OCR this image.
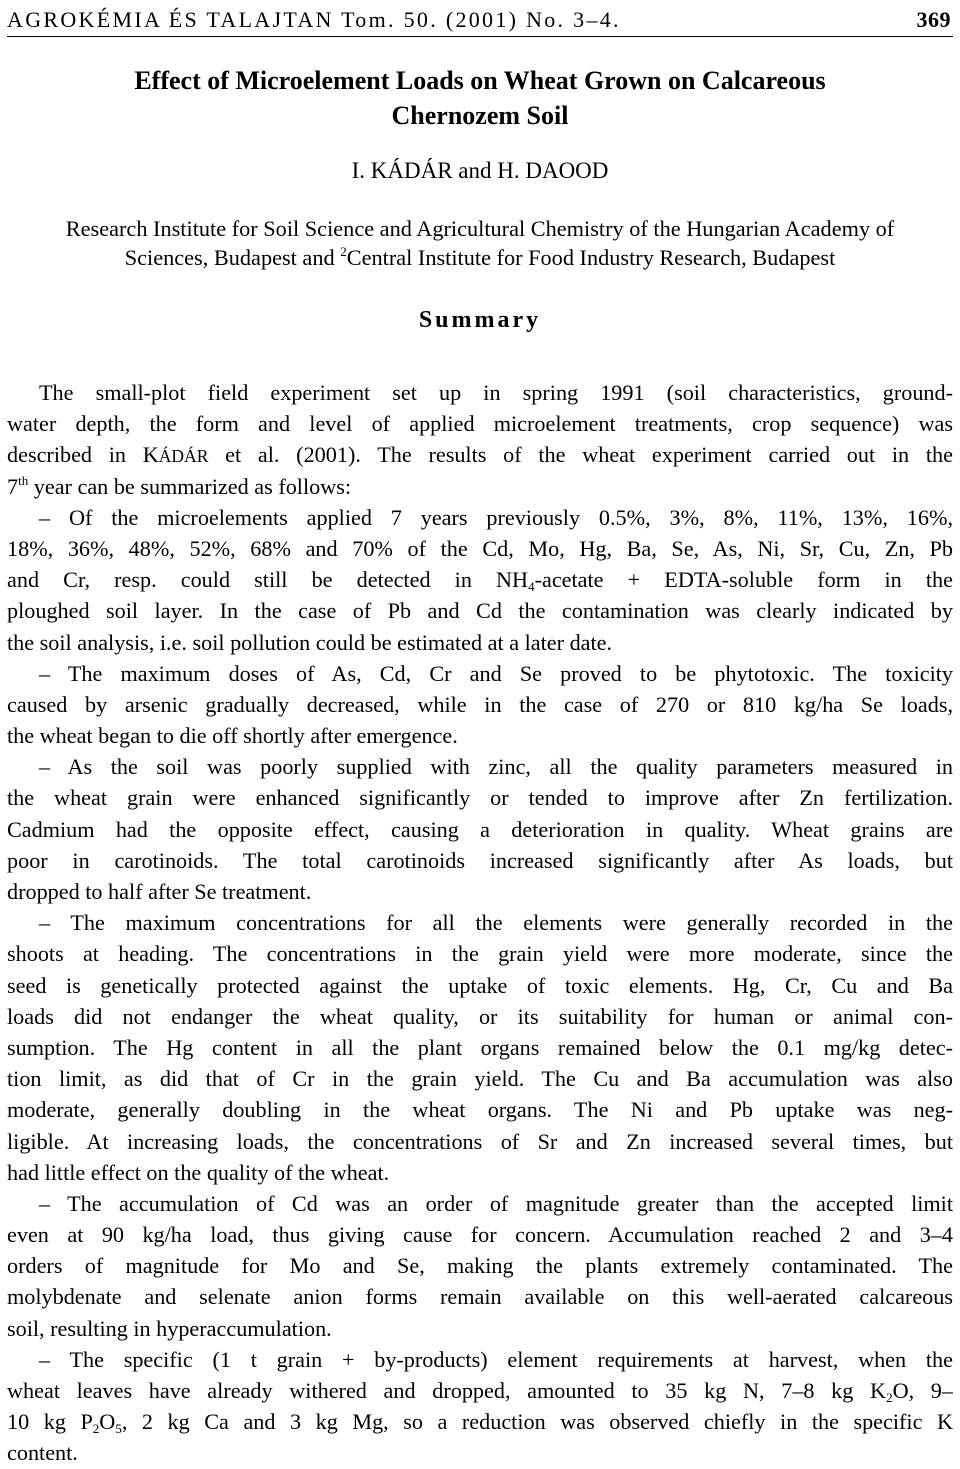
AGROKÉMIA ÉS TALAJTAN Tom. 50. (2001) No. 3–4.	369
Effect of Microelement Loads on Wheat Grown on Calcareous
Chernozem Soil
I. KÁDÁR and H. DAOOD
Research Institute for Soil Science and Agricultural Chemistry of the Hungarian Academy of
Sciences, Budapest and $^2$Central Institute for Food Industry Research, Budapest
Summary
The small-plot field experiment set up in spring 1991 (soil characteristics, ground-
water depth, the form and level of applied microelement treatments, crop sequence) was
described in KÁDÁR et al. (2001). The results of the wheat experiment carried out in the
7th year can be summarized as follows:
– Of the microelements applied 7 years previously 0.5%, 3%, 8%, 11%, 13%, 16%,
18%, 36%, 48%, 52%, 68% and 70% of the Cd, Mo, Hg, Ba, Se, As, Ni, Sr, Cu, Zn, Pb
and Cr, resp. could still be detected in NH4-acetate + EDTA-soluble form in the
ploughed soil layer. In the case of Pb and Cd the contamination was clearly indicated by
the soil analysis, i.e. soil pollution could be estimated at a later date.
– The maximum doses of As, Cd, Cr and Se proved to be phytotoxic. The toxicity
caused by arsenic gradually decreased, while in the case of 270 or 810 kg/ha Se loads,
the wheat began to die off shortly after emergence.
– As the soil was poorly supplied with zinc, all the quality parameters measured in
the wheat grain were enhanced significantly or tended to improve after Zn fertilization.
Cadmium had the opposite effect, causing a deterioration in quality. Wheat grains are
poor in carotinoids. The total carotinoids increased significantly after As loads, but
dropped to half after Se treatment.
– The maximum concentrations for all the elements were generally recorded in the
shoots at heading. The concentrations in the grain yield were more moderate, since the
seed is genetically protected against the uptake of toxic elements. Hg, Cr, Cu and Ba
loads did not endanger the wheat quality, or its suitability for human or animal con-
sumption. The Hg content in all the plant organs remained below the 0.1 mg/kg detec-
tion limit, as did that of Cr in the grain yield. The Cu and Ba accumulation was also
moderate, generally doubling in the wheat organs. The Ni and Pb uptake was neg-
ligible. At increasing loads, the concentrations of Sr and Zn increased several times, but
had little effect on the quality of the wheat.
– The accumulation of Cd was an order of magnitude greater than the accepted limit
even at 90 kg/ha load, thus giving cause for concern. Accumulation reached 2 and 3–4
orders of magnitude for Mo and Se, making the plants extremely contaminated. The
molybdenate and selenate anion forms remain available on this well-aerated calcareous
soil, resulting in hyperaccumulation.
– The specific (1 t grain + by-products) element requirements at harvest, when the
wheat leaves have already withered and dropped, amounted to 35 kg N, 7–8 kg K2O, 9–
10 kg P2O5, 2 kg Ca and 3 kg Mg, so a reduction was observed chiefly in the specific K
content.
